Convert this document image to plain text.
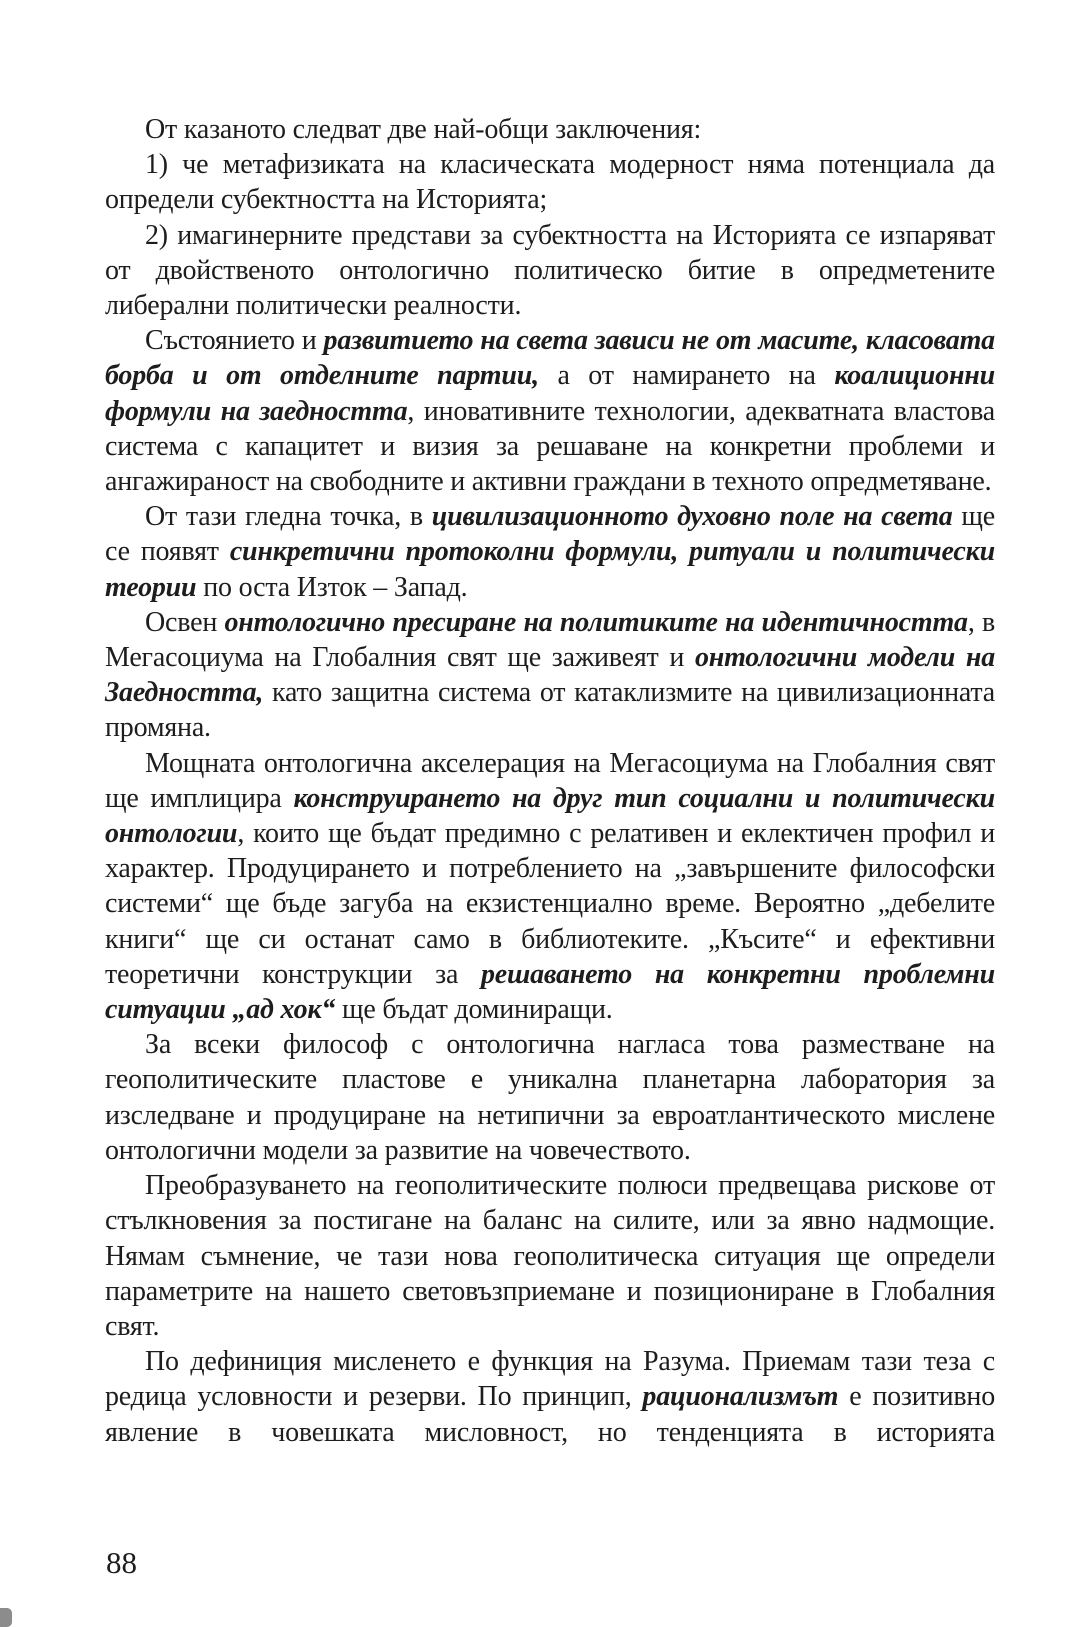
От казаното следват две най-общи заключения:

1) че метафизиката на класическата модерност няма потенциала да определи субектността на Историята;

2) имагинерните представи за субектността на Историята се изпаряват от двойственото онтологично политическо битие в опредметените либерални политически реалности.

Състоянието и развитието на света зависи не от масите, класовата борба и от отделните партии, а от намирането на коалиционни формули на заедността, иновативните технологии, адекватната властова система с капацитет и визия за решаване на конкретни проблеми и ангажираност на свободните и активни граждани в техното опредметяване.

От тази гледна точка, в цивилизационното духовно поле на света ще се появят синкретични протоколни формули, ритуали и политически теории по оста Изток – Запад.

Освен онтологично пресиране на политиките на идентичността, в Мегасоциума на Глобалния свят ще заживеят и онтологични модели на Заедността, като защитна система от катаклизмите на цивилизационната промяна.

Мощната онтологична акселерация на Мегасоциума на Глобалния свят ще имплицира конструирането на друг тип социални и политически онтологии, които ще бъдат предимно с релативен и еклектичен профил и характер. Продуцирането и потреблението на „завършените философски системи“ ще бъде загуба на екзистенциално време. Вероятно „дебелите книги“ ще си останат само в библиотеките. „Късите“ и ефективни теоретични конструкции за решаването на конкретни проблемни ситуации „ад хок“ ще бъдат доминиращи.

За всеки философ с онтологична нагласа това разместване на геополитическите пластове е уникална планетарна лаборатория за изследване и продуциране на нетипични за евроатлантическото мислене онтологични модели за развитие на човечеството.

Преобразуването на геополитическите полюси предвещава рискове от стълкновения за постигане на баланс на силите, или за явно надмощие. Нямам съмнение, че тази нова геополитическа ситуация ще определи параметрите на нашето световъзприемане и позициониране в Глобалния свят.

По дефиниция мисленето е функция на Разума. Приемам тази теза с редица условности и резерви. По принцип, рационализмът е позитивно явление в човешката мисловност, но тенденцията в историята

88
